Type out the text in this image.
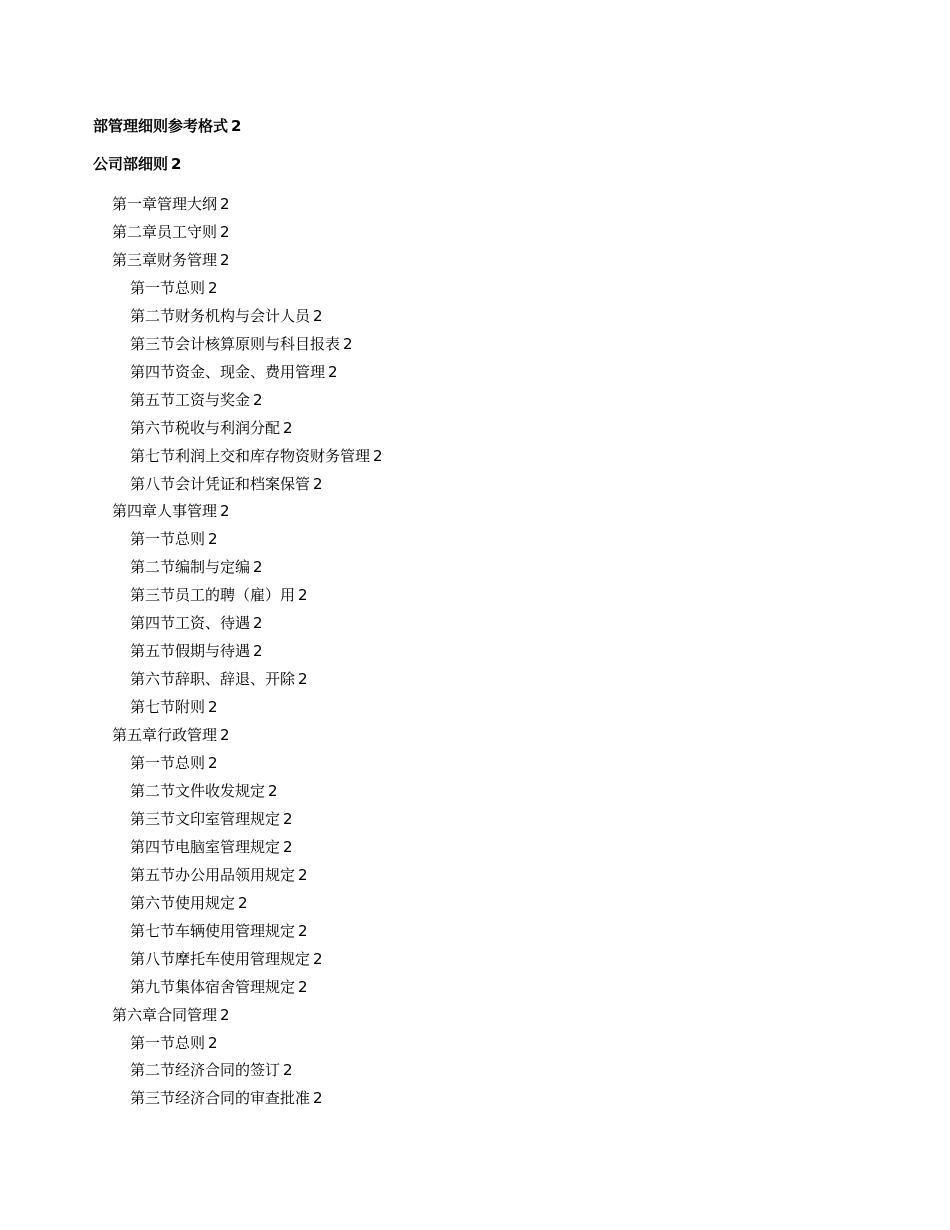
部管理细则参考格式 2
公司部细则 2
第一章管理大纲 2
第二章员工守则 2
第三章财务管理 2
第一节总则 2
第二节财务机构与会计人员 2
第三节会计核算原则与科目报表 2
第四节资金、现金、费用管理 2
第五节工资与奖金 2
第六节税收与利润分配 2
第七节利润上交和库存物资财务管理 2
第八节会计凭证和档案保管 2
第四章人事管理 2
第一节总则 2
第二节编制与定编 2
第三节员工的聘（雇）用 2
第四节工资、待遇 2
第五节假期与待遇 2
第六节辞职、辞退、开除 2
第七节附则 2
第五章行政管理 2
第一节总则 2
第二节文件收发规定 2
第三节文印室管理规定 2
第四节电脑室管理规定 2
第五节办公用品领用规定 2
第六节使用规定 2
第七节车辆使用管理规定 2
第八节摩托车使用管理规定 2
第九节集体宿舍管理规定 2
第六章合同管理 2
第一节总则 2
第二节经济合同的签订 2
第三节经济合同的审查批准 2
